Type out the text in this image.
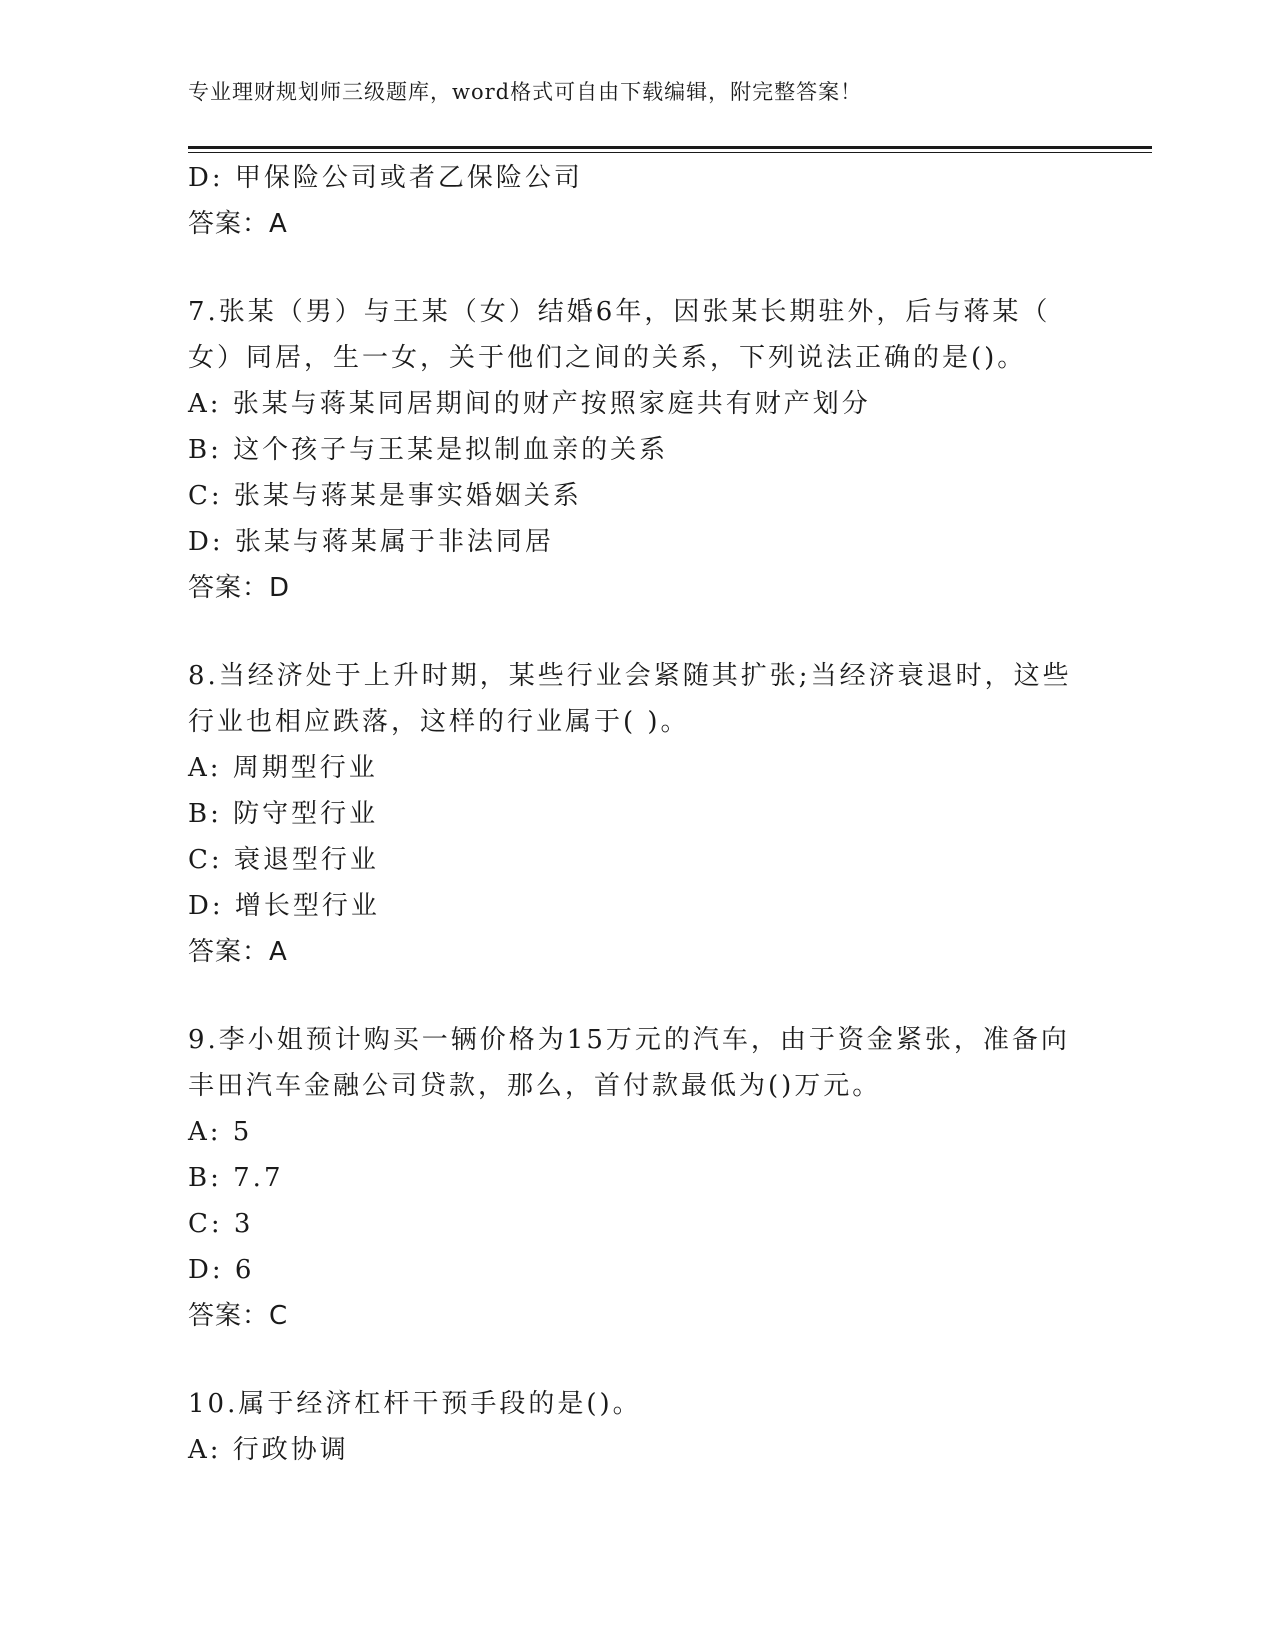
专业理财规划师三级题库，word格式可自由下载编辑，附完整答案！
D: 甲保险公司或者乙保险公司
答案：A
7.张某（男）与王某（女）结婚6年，因张某长期驻外，后与蒋某（
女）同居，生一女，关于他们之间的关系，下列说法正确的是()。
A: 张某与蒋某同居期间的财产按照家庭共有财产划分
B: 这个孩子与王某是拟制血亲的关系
C: 张某与蒋某是事实婚姻关系
D: 张某与蒋某属于非法同居
答案：D
8.当经济处于上升时期，某些行业会紧随其扩张;当经济衰退时，这些
行业也相应跌落，这样的行业属于( )。
A: 周期型行业
B: 防守型行业
C: 衰退型行业
D: 增长型行业
答案：A
9.李小姐预计购买一辆价格为15万元的汽车，由于资金紧张，准备向
丰田汽车金融公司贷款，那么，首付款最低为()万元。
A: 5
B: 7.7
C: 3
D: 6
答案：C
10.属于经济杠杆干预手段的是()。
A: 行政协调
